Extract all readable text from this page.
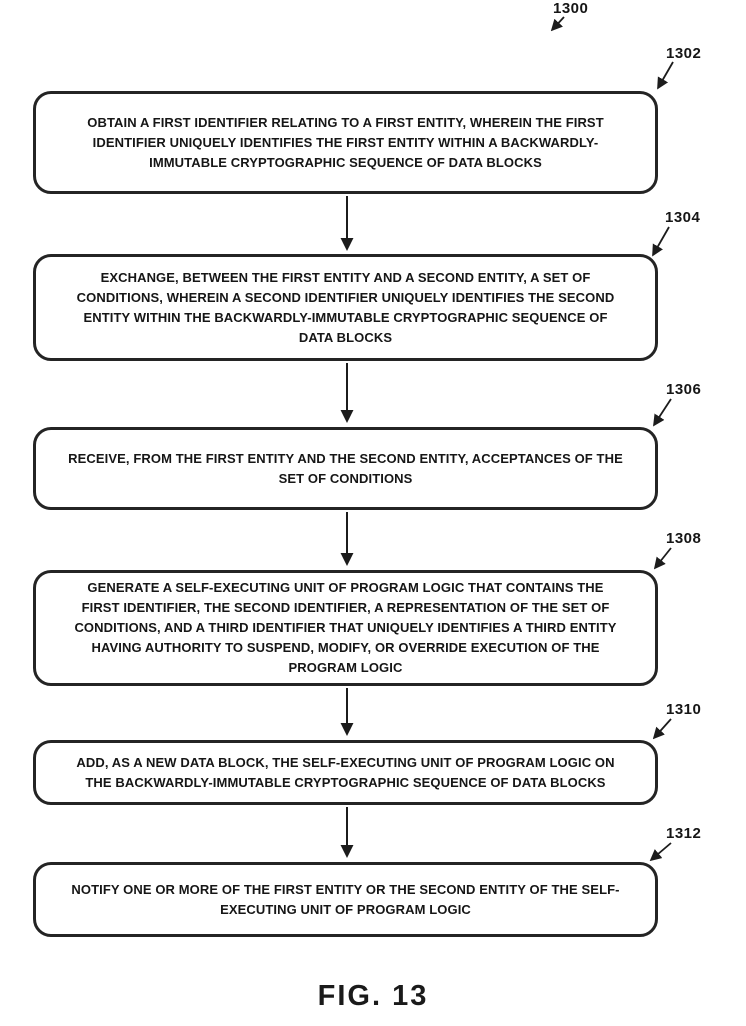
1300
OBTAIN A FIRST IDENTIFIER RELATING TO A FIRST ENTITY, WHEREIN THE FIRST
IDENTIFIER UNIQUELY IDENTIFIES THE FIRST ENTITY WITHIN A BACKWARDLY-
IMMUTABLE CRYPTOGRAPHIC SEQUENCE OF DATA BLOCKS
1302
EXCHANGE, BETWEEN THE FIRST ENTITY AND A SECOND ENTITY, A SET OF
CONDITIONS, WHEREIN A SECOND IDENTIFIER UNIQUELY IDENTIFIES THE SECOND
ENTITY WITHIN THE BACKWARDLY-IMMUTABLE CRYPTOGRAPHIC SEQUENCE OF
DATA BLOCKS
1304
RECEIVE, FROM THE FIRST ENTITY AND THE SECOND ENTITY, ACCEPTANCES OF THE
SET OF CONDITIONS
1306
GENERATE A SELF-EXECUTING UNIT OF PROGRAM LOGIC THAT CONTAINS THE
FIRST IDENTIFIER, THE SECOND IDENTIFIER, A REPRESENTATION OF THE SET OF
CONDITIONS, AND A THIRD IDENTIFIER THAT UNIQUELY IDENTIFIES A THIRD ENTITY
HAVING AUTHORITY TO SUSPEND, MODIFY, OR OVERRIDE EXECUTION OF THE
PROGRAM LOGIC
1308
ADD, AS A NEW DATA BLOCK, THE SELF-EXECUTING UNIT OF PROGRAM LOGIC ON
THE BACKWARDLY-IMMUTABLE CRYPTOGRAPHIC SEQUENCE OF DATA BLOCKS
1310
NOTIFY ONE OR MORE OF THE FIRST ENTITY OR THE SECOND ENTITY OF THE SELF-
EXECUTING UNIT OF PROGRAM LOGIC
1312
FIG. 13
